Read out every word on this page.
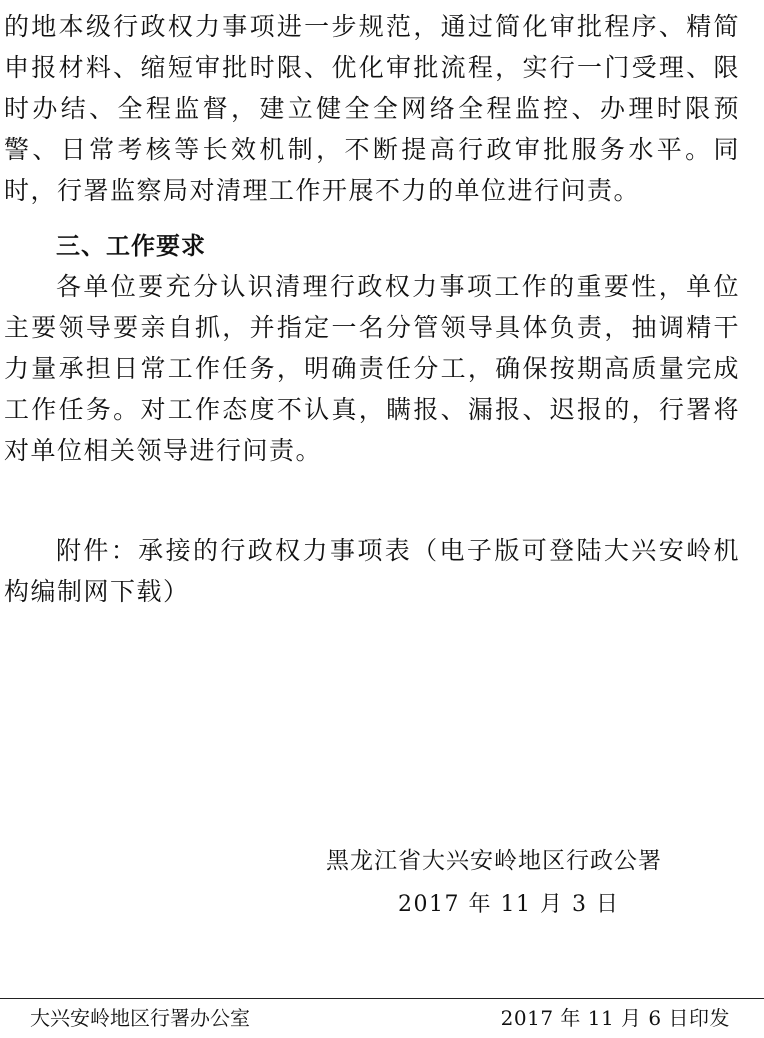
的地本级行政权力事项进一步规范，通过简化审批程序、精简申报材料、缩短审批时限、优化审批流程，实行一门受理、限时办结、全程监督，建立健全全网络全程监控、办理时限预警、日常考核等长效机制，不断提高行政审批服务水平。同时，行署监察局对清理工作开展不力的单位进行问责。

三、工作要求

各单位要充分认识清理行政权力事项工作的重要性，单位主要领导要亲自抓，并指定一名分管领导具体负责，抽调精干力量承担日常工作任务，明确责任分工，确保按期高质量完成工作任务。对工作态度不认真，瞒报、漏报、迟报的，行署将对单位相关领导进行问责。

附件：承接的行政权力事项表（电子版可登陆大兴安岭机构编制网下载）

黑龙江省大兴安岭地区行政公署
2017 年 11 月 3 日
大兴安岭地区行署办公室	2017 年 11 月 6 日印发
